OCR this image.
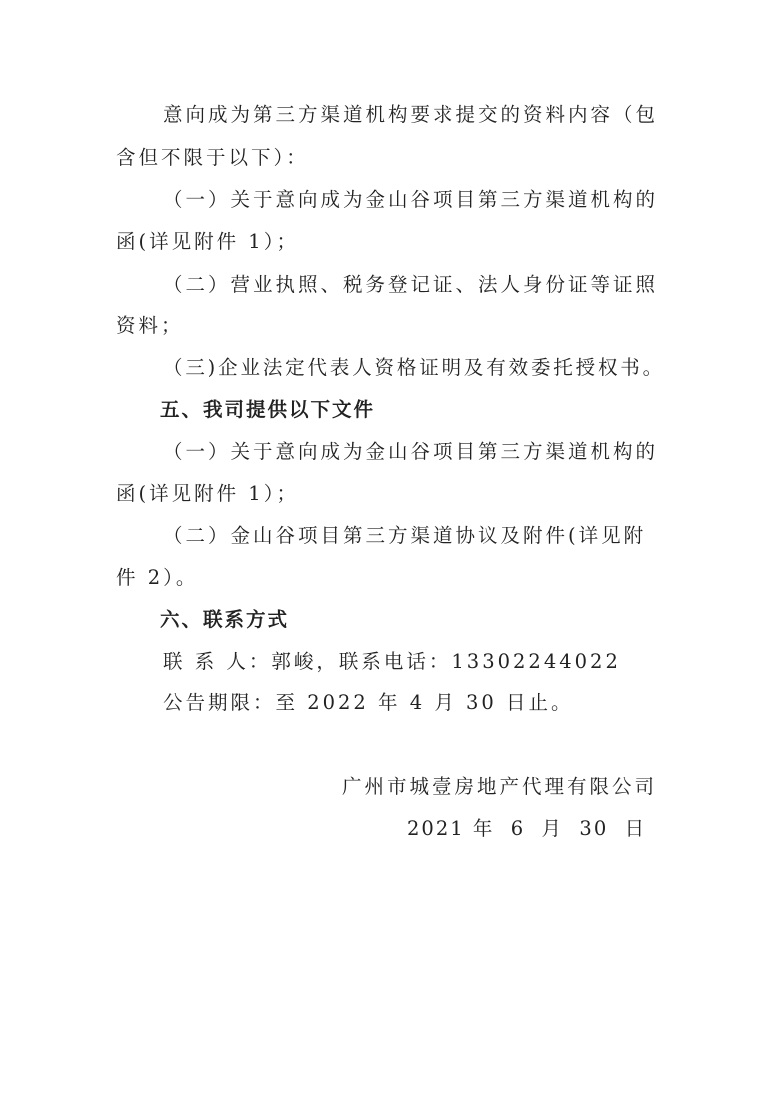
意向成为第三方渠道机构要求提交的资料内容（包
含但不限于以下）：
（一）关于意向成为金山谷项目第三方渠道机构的
函(详见附件 1）；
（二）营业执照、税务登记证、法人身份证等证照
资料；
（三)企业法定代表人资格证明及有效委托授权书。
五、我司提供以下文件
（一）关于意向成为金山谷项目第三方渠道机构的
函(详见附件 1）；
（二）金山谷项目第三方渠道协议及附件(详见附
件 2）。
六、联系方式
联 系 人：郭峻，联系电话：13302244022
公告期限：至 2022 年 4 月 30 日止。
广州市城壹房地产代理有限公司
2021 年  6  月  30  日
